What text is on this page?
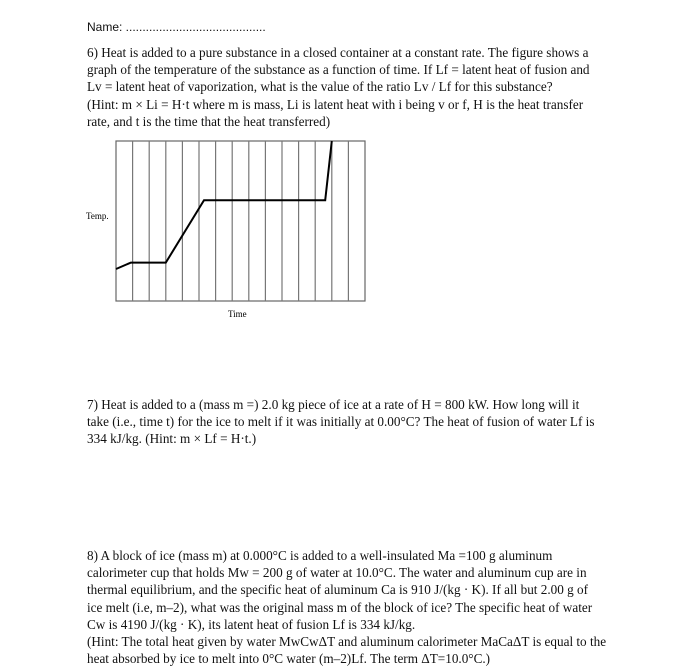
Name: ..........................................
6) Heat is added to a pure substance in a closed container at a constant rate. The figure shows a
graph of the temperature of the substance as a function of time. If Lf = latent heat of fusion and
Lv = latent heat of vaporization, what is the value of the ratio Lv / Lf for this substance?
(Hint: m × Li = H·t where m is mass, Li is latent heat with i being v or f, H is the heat transfer
rate, and t is the time that the heat transferred)
Temp.
Time
7) Heat is added to a (mass m =) 2.0 kg piece of ice at a rate of H = 800 kW. How long will it
take (i.e., time t) for the ice to melt if it was initially at 0.00°C? The heat of fusion of water Lf is
334 kJ/kg. (Hint: m × Lf = H·t.)
8) A block of ice (mass m) at 0.000°C is added to a well-insulated Ma =100 g aluminum
calorimeter cup that holds Mw = 200 g of water at 10.0°C. The water and aluminum cup are in
thermal equilibrium, and the specific heat of aluminum Ca is 910 J/(kg · K). If all but 2.00 g of
ice melt (i.e, m–2), what was the original mass m of the block of ice? The specific heat of water
Cw is 4190 J/(kg · K), its latent heat of fusion Lf is 334 kJ/kg.
(Hint: The total heat given by water MwCwΔT and aluminum calorimeter MaCaΔT is equal to the
heat absorbed by ice to melt into 0°C water (m–2)Lf. The term ΔT=10.0°C.)
